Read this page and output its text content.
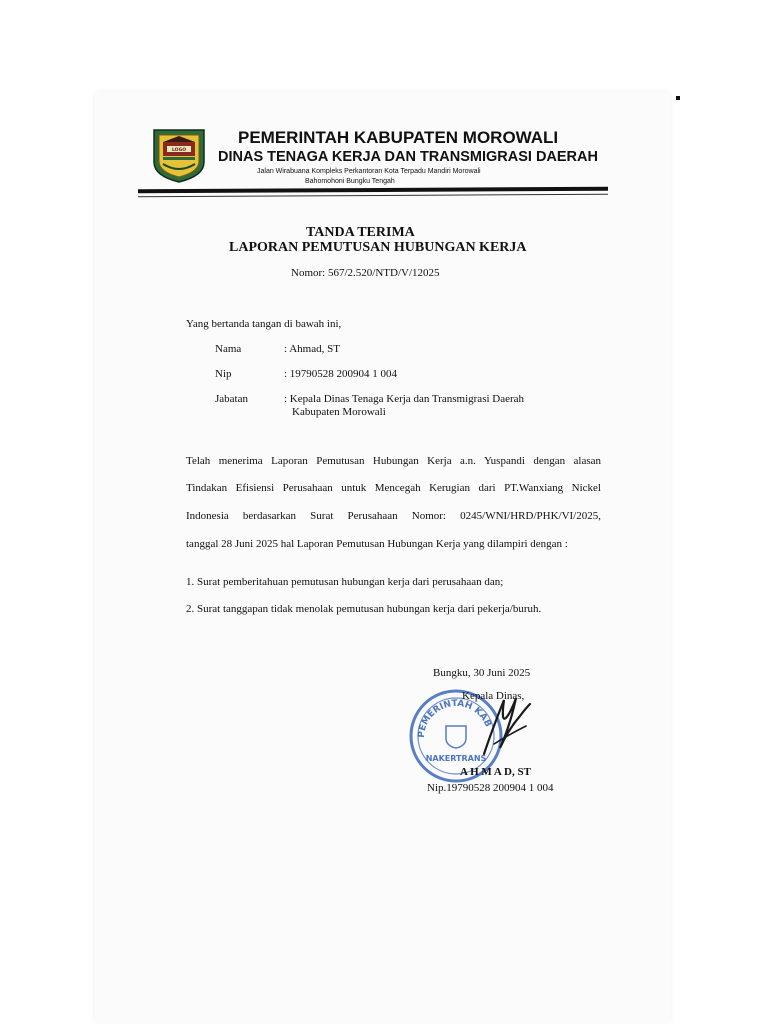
LOGO
PEMERINTAH KABUPATEN MOROWALI
DINAS TENAGA KERJA DAN TRANSMIGRASI DAERAH
Jalan Wirabuana Kompleks Perkantoran Kota Terpadu Mandiri Morowali
Bahomohoni Bungku Tengah
TANDA TERIMA
LAPORAN PEMUTUSAN HUBUNGAN KERJA
Nomor: 567/2.520/NTD/V/12025
Yang bertanda tangan di bawah ini,
Nama	: Ahmad, ST
Nip	: 19790528 200904 1 004
Jabatan	: Kepala Dinas Tenaga Kerja dan Transmigrasi Daerah
Kabupaten Morowali
Telah menerima Laporan Pemutusan Hubungan Kerja a.n. Yuspandi dengan alasan
Tindakan Efisiensi Perusahaan untuk Mencegah Kerugian dari PT.Wanxiang Nickel
Indonesia berdasarkan Surat Perusahaan Nomor: 0245/WNI/HRD/PHK/VI/2025,
tanggal 28 Juni 2025 hal Laporan Pemutusan Hubungan Kerja yang dilampiri dengan :
1. Surat pemberitahuan pemutusan hubungan kerja dari perusahaan dan;
2. Surat tanggapan tidak menolak pemutusan hubungan kerja dari pekerja/buruh.
Bungku, 30 Juni 2025
PEMERINTAH KAB
NAKERTRANS
Kepala Dinas,
A H M A D, ST
Nip.19790528 200904 1 004
